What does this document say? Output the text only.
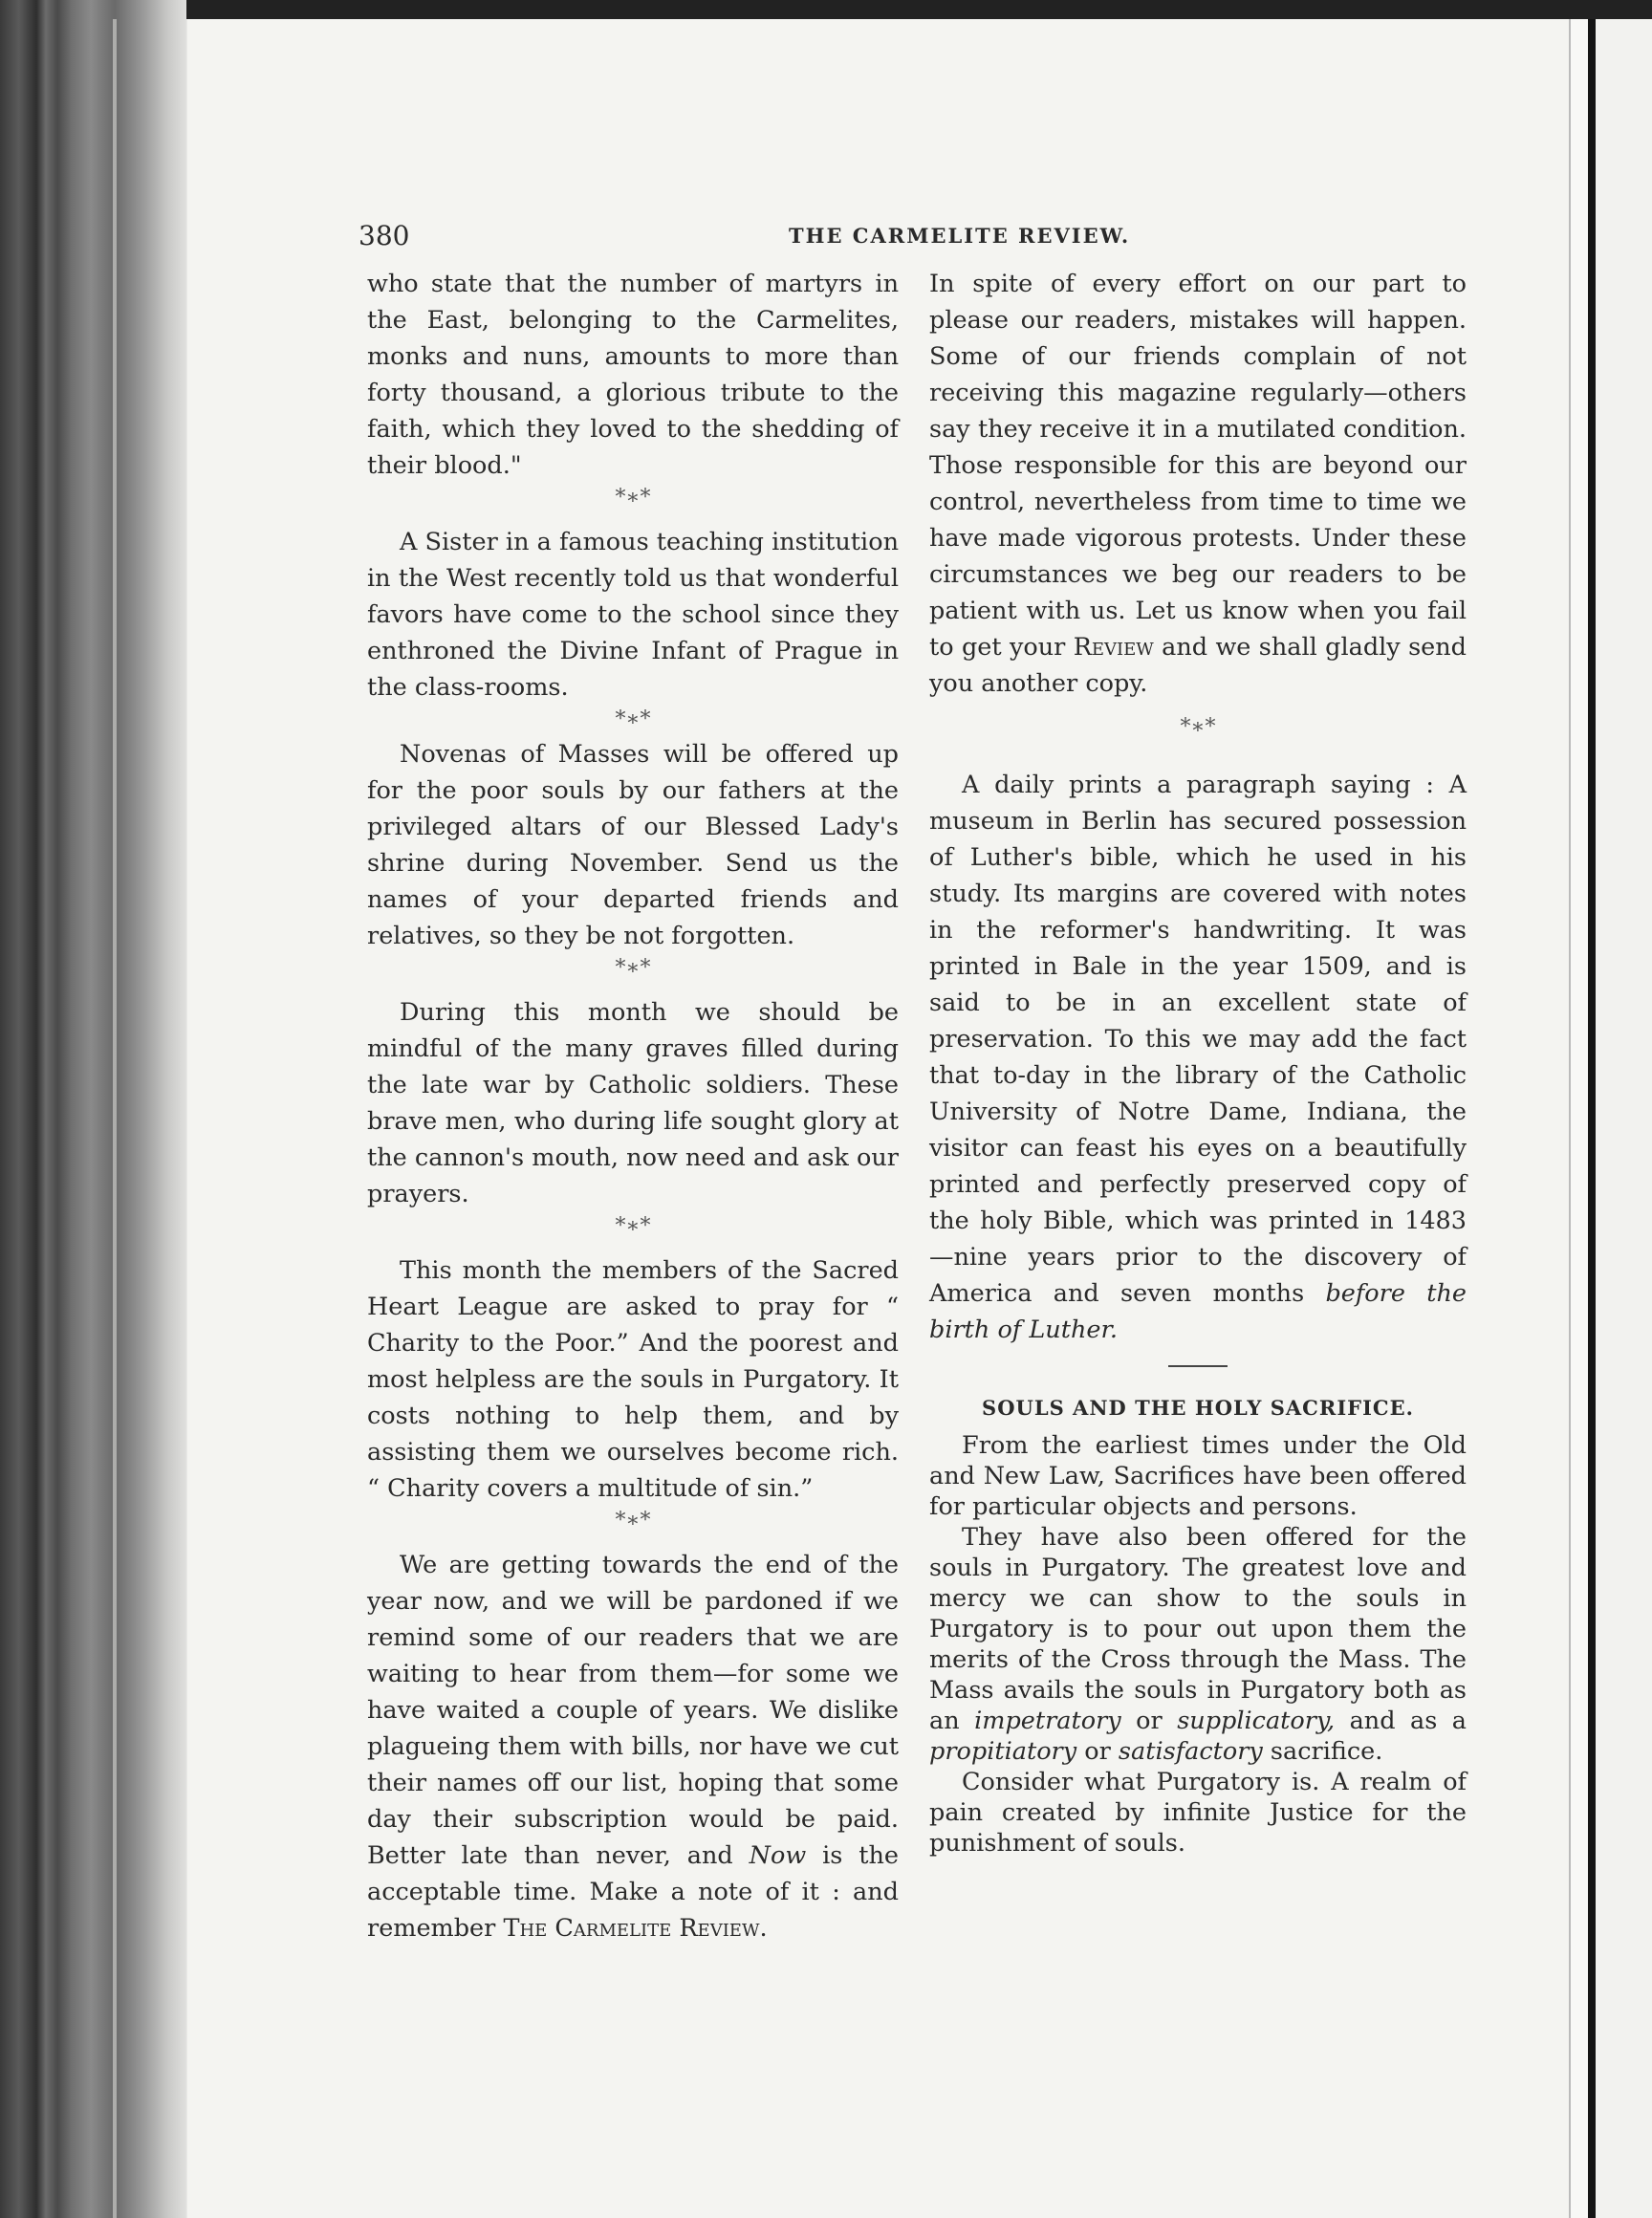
380	THE CARMELITE REVIEW.

who state that the number of martyrs in the East, belonging to the Carmelites, monks and nuns, amounts to more than forty thousand, a glorious tribute to the faith, which they loved to the shedding of their blood."

*∗*

A Sister in a famous teaching institution in the West recently told us that wonderful favors have come to the school since they enthroned the Divine Infant of Prague in the class-rooms.

*∗*

Novenas of Masses will be offered up for the poor souls by our fathers at the privileged altars of our Blessed Lady's shrine during November. Send us the names of your departed friends and relatives, so they be not forgotten.

*∗*

During this month we should be mindful of the many graves filled during the late war by Catholic soldiers. These brave men, who during life sought glory at the cannon's mouth, now need and ask our prayers.

*∗*

This month the members of the Sacred Heart League are asked to pray for “ Charity to the Poor.” And the poorest and most helpless are the souls in Purgatory. It costs nothing to help them, and by assisting them we ourselves become rich. “ Charity covers a multitude of sin.”

*∗*

We are getting towards the end of the year now, and we will be pardoned if we remind some of our readers that we are waiting to hear from them—for some we have waited a couple of years. We dislike plagueing them with bills, nor have we cut their names off our list, hoping that some day their subscription would be paid. Better late than never, and Now is the acceptable time. Make a note of it : and remember The Carmelite Review.

In spite of every effort on our part to please our readers, mistakes will happen. Some of our friends complain of not receiving this magazine regularly—others say they receive it in a mutilated condition. Those responsible for this are beyond our control, nevertheless from time to time we have made vigorous protests. Under these circumstances we beg our readers to be patient with us. Let us know when you fail to get your Review and we shall gladly send you another copy.

*∗*

A daily prints a paragraph saying : A museum in Berlin has secured possession of Luther's bible, which he used in his study. Its margins are covered with notes in the reformer's handwriting. It was printed in Bale in the year 1509, and is said to be in an excellent state of preservation. To this we may add the fact that to-day in the library of the Catholic University of Notre Dame, Indiana, the visitor can feast his eyes on a beautifully printed and perfectly preserved copy of the holy Bible, which was printed in 1483—nine years prior to the discovery of America and seven months before the birth of Luther.

SOULS AND THE HOLY SACRIFICE.

From the earliest times under the Old and New Law, Sacrifices have been offered for particular objects and persons.

They have also been offered for the souls in Purgatory. The greatest love and mercy we can show to the souls in Purgatory is to pour out upon them the merits of the Cross through the Mass. The Mass avails the souls in Purgatory both as an impetratory or supplicatory, and as a propitiatory or satisfactory sacrifice.

Consider what Purgatory is. A realm of pain created by infinite Justice for the punishment of souls.
